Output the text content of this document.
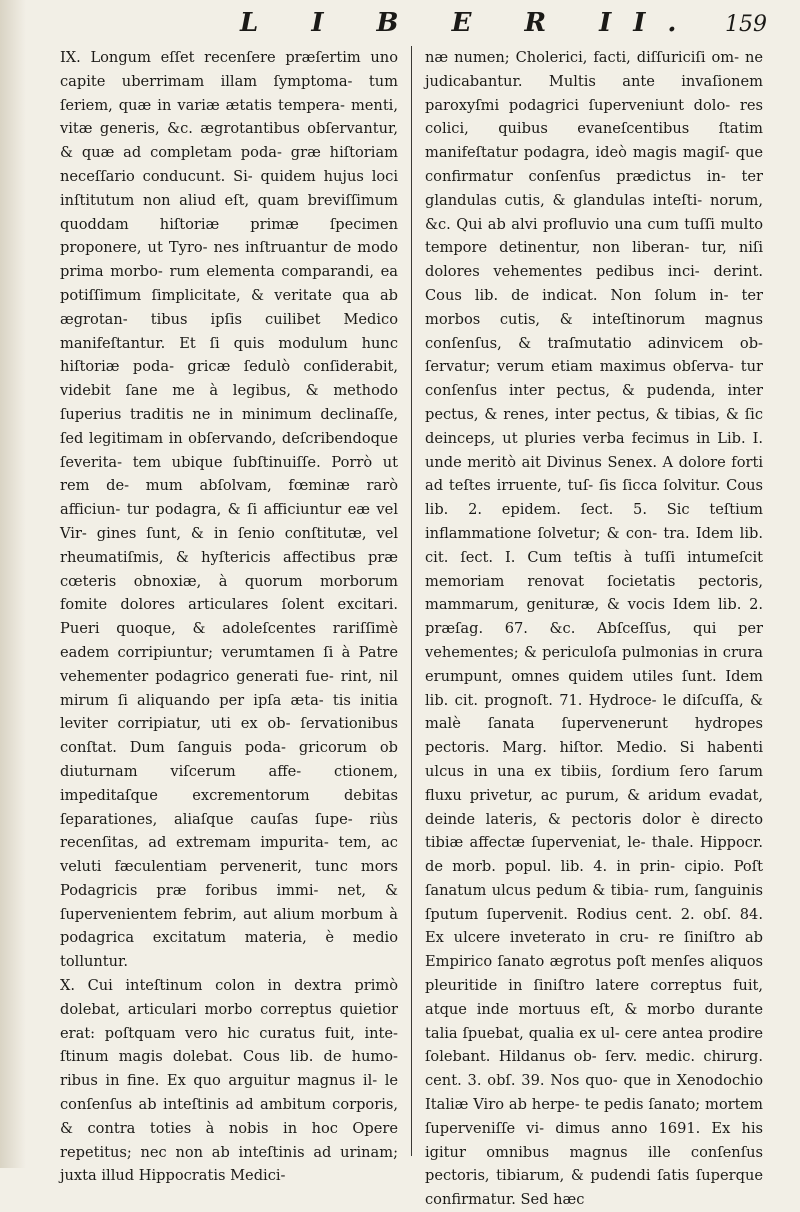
L I B E R II. 159

IX. Longum eſſet recenſere præſertim uno capite uberrimam illam ſymptoma- tum ſeriem, quæ in variæ ætatis tempera- menti, vitæ generis, &c. ægrotantibus obſervantur, & quæ ad completam poda- græ hiſtoriam neceſſario conducunt. Si- quidem hujus loci inſtitutum non aliud eſt, quam breviſſimum quoddam hiſtoriæ primæ ſpecimen proponere, ut Tyro- nes inſtruantur de modo prima morbo- rum elementa comparandi, ea potiſſimum ſimplicitate, & veritate qua ab ægrotan- tibus ipſis cuilibet Medico manifeſtantur. Et ſi quis modulum hunc hiſtoriæ poda- gricæ ſedulò conſiderabit, videbit ſane me à legibus, & methodo ſuperius traditis ne in minimum declinaſſe, ſed legitimam in obſervando, deſcribendoque ſeverita- tem ubique ſubſtinuiſſe. Porrò ut rem de- mum abſolvam, fœminæ rarò afficiun- tur podagra, & ſi afficiuntur eæ vel Vir- gines ſunt, & in ſenio conſtitutæ, vel rheumatiſmis, & hyſtericis affectibus præ cœteris obnoxiæ, à quorum morborum fomite dolores articulares ſolent excitari. Pueri quoque, & adoleſcentes rariſſimè eadem corripiuntur; verumtamen ſi à Patre vehementer podagrico generati fue- rint, nil mirum ſi aliquando per ipſa æta- tis initia leviter corripiatur, uti ex ob- ſervationibus conſtat. Dum ſanguis poda- gricorum ob diuturnam viſcerum affe- ctionem, impeditaſque excrementorum debitas ſeparationes, aliaſque cauſas ſupe- riùs recenſitas, ad extremam impurita- tem, ac veluti fæculentiam pervenerit, tunc mors Podagricis præ foribus immi- net, & ſupervenientem febrim, aut alium morbum à podagrica excitatum materia, è medio tolluntur.

X. Cui inteſtinum colon in dextra primò dolebat, articulari morbo correptus quietior erat: poſtquam vero hic curatus fuit, inte- ſtinum magis dolebat. Cous lib. de humo- ribus in fine. Ex quo arguitur magnus il- le conſenſus ab inteſtinis ad ambitum corporis, & contra toties à nobis in hoc Opere repetitus; nec non ab inteſtinis ad urinam; juxta illud Hippocratis Medici-

næ numen; Cholerici, facti, diſſuriciſi om- ne judicabantur. Multis ante invaſionem paroxyſmi podagrici ſuperveniunt dolo- res colici, quibus evaneſcentibus ſtatim manifeſtatur podagra, ideò magis magiſ- que confirmatur conſenſus prædictus in- ter glandulas cutis, & glandulas inteſti- norum, &c. Qui ab alvi profluvio una cum tuſſi multo tempore detinentur, non liberan- tur, niſi dolores vehementes pedibus inci- derint. Cous lib. de indicat. Non ſolum in- ter morbos cutis, & inteſtinorum magnus conſenſus, & traſmutatio adinvicem ob- ſervatur; verum etiam maximus obſerva- tur conſenſus inter pectus, & pudenda, inter pectus, & renes, inter pectus, & tibias, & ſic deinceps, ut pluries verba fecimus in Lib. I. unde meritò ait Divinus Senex. A dolore forti ad teſtes irruente, tuſ- ſis ſicca ſolvitur. Cous lib. 2. epidem. ſect. 5. Sic teſtium inflammatione ſolvetur; & con- tra. Idem lib. cit. ſect. I. Cum teſtis à tuſſi intumeſcit memoriam renovat ſocietatis pectoris, mammarum, genituræ, & vocis Idem lib. 2. præſag. 67. &c. Abſceſſus, qui per vehementes; & periculoſa pulmonias in crura erumpunt, omnes quidem utiles ſunt. Idem lib. cit. prognoſt. 71. Hydroce- le diſcuſſa, & malè ſanata ſupervenerunt hydropes pectoris. Marg. hiſtor. Medio. Si habenti ulcus in una ex tibiis, ſordium ſero ſarum fluxu privetur, ac purum, & aridum evadat, deinde lateris, & pectoris dolor è directo tibiæ affectæ ſuperveniat, le- thale. Hippocr. de morb. popul. lib. 4. in prin- cipio. Poſt ſanatum ulcus pedum & tibia- rum, ſanguinis ſputum ſupervenit. Rodius cent. 2. obſ. 84. Ex ulcere inveterato in cru- re ſiniſtro ab Empirico ſanato ægrotus poſt menſes aliquos pleuritide in ſiniſtro latere correptus fuit, atque inde mortuus eſt, & morbo durante talia ſpuebat, qualia ex ul- cere antea prodire ſolebant. Hildanus ob- ſerv. medic. chirurg. cent. 3. obſ. 39. Nos quo- que in Xenodochio Italiæ Viro ab herpe- te pedis ſanato; mortem ſuperveniſſe vi- dimus anno 1691. Ex his igitur omnibus magnus ille conſenſus pectoris, tibiarum, & pudendi ſatis ſuperque confirmatur. Sed hæc
